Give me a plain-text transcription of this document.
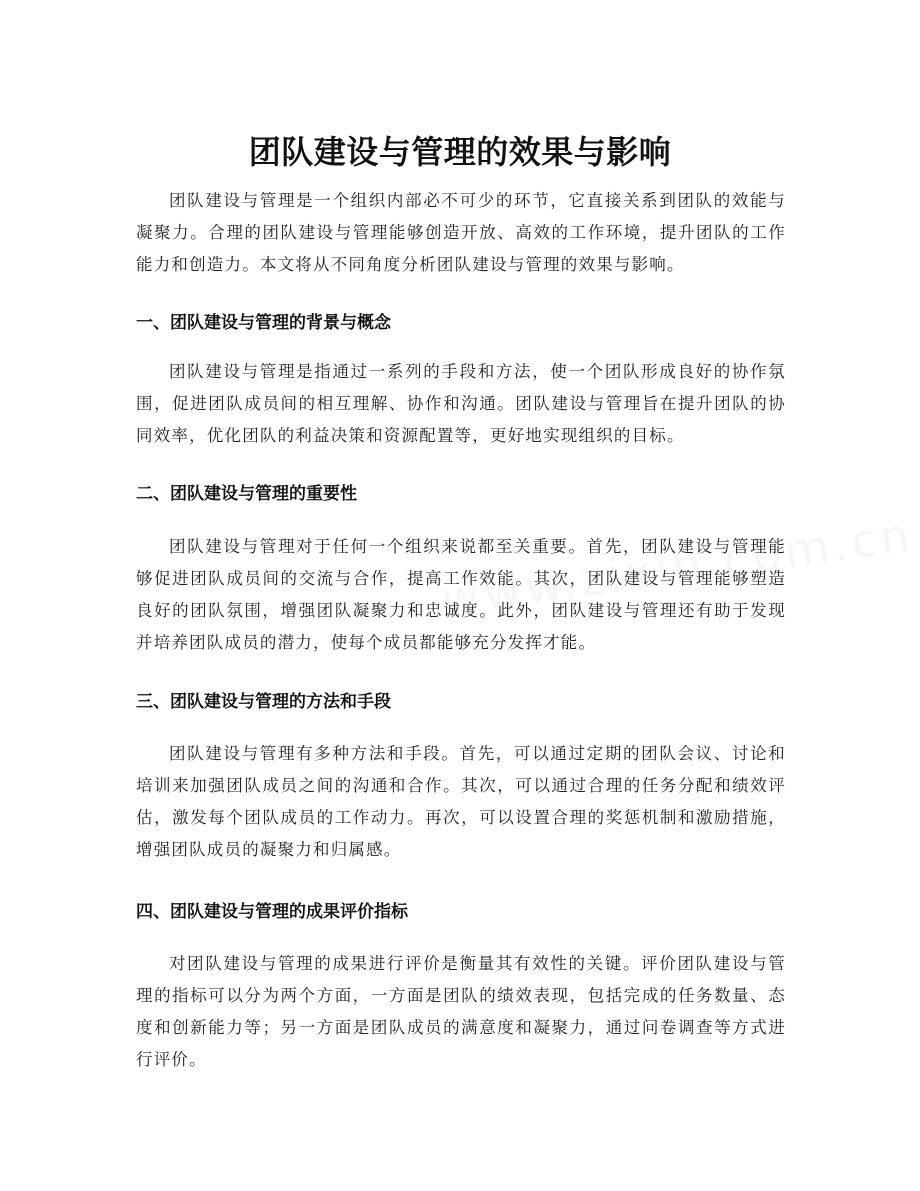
团队建设与管理的效果与影响

团队建设与管理是一个组织内部必不可少的环节，它直接关系到团队的效能与凝聚力。合理的团队建设与管理能够创造开放、高效的工作环境，提升团队的工作能力和创造力。本文将从不同角度分析团队建设与管理的效果与影响。

一、团队建设与管理的背景与概念

团队建设与管理是指通过一系列的手段和方法，使一个团队形成良好的协作氛围，促进团队成员间的相互理解、协作和沟通。团队建设与管理旨在提升团队的协同效率，优化团队的利益决策和资源配置等，更好地实现组织的目标。

二、团队建设与管理的重要性

团队建设与管理对于任何一个组织来说都至关重要。首先，团队建设与管理能够促进团队成员间的交流与合作，提高工作效能。其次，团队建设与管理能够塑造良好的团队氛围，增强团队凝聚力和忠诚度。此外，团队建设与管理还有助于发现并培养团队成员的潜力，使每个成员都能够充分发挥才能。

三、团队建设与管理的方法和手段

团队建设与管理有多种方法和手段。首先，可以通过定期的团队会议、讨论和培训来加强团队成员之间的沟通和合作。其次，可以通过合理的任务分配和绩效评估，激发每个团队成员的工作动力。再次，可以设置合理的奖惩机制和激励措施，增强团队成员的凝聚力和归属感。

四、团队建设与管理的成果评价指标

对团队建设与管理的成果进行评价是衡量其有效性的关键。评价团队建设与管理的指标可以分为两个方面，一方面是团队的绩效表现，包括完成的任务数量、态度和创新能力等；另一方面是团队成员的满意度和凝聚力，通过问卷调查等方式进行评价。
